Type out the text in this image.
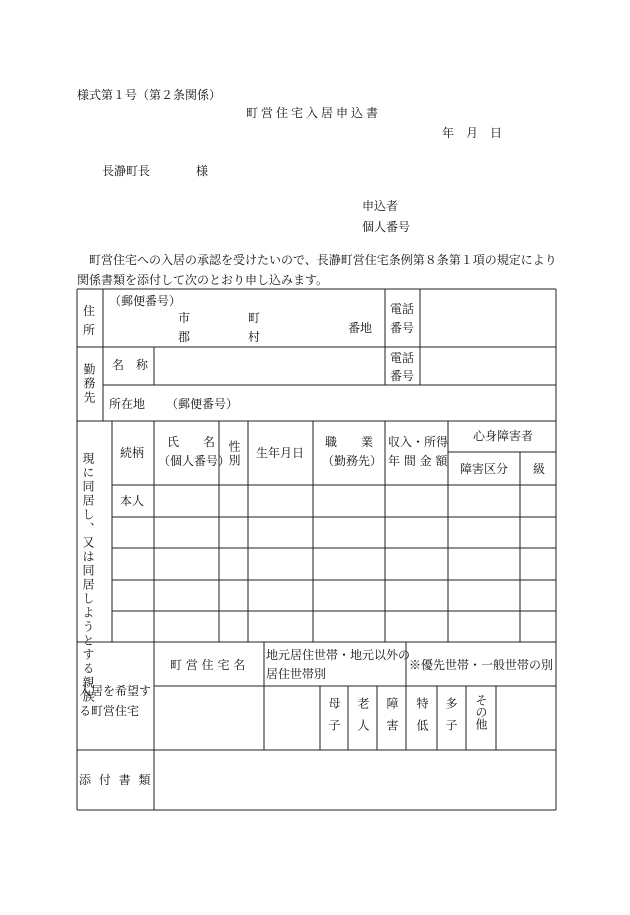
様式第１号（第２条関係）
町営住宅入居申込書
年　月　日
長瀞町長	様
申込者
個人番号
町営住宅への入居の承認を受けたいので、長瀞町営住宅条例第８条第１項の規定により関係書類を添付して次のとおり申し込みます。
住
所
（郵便番号）
市
郡
町
村
番地
電話
番号
勤務先 名　称	電話
番号
所在地 （郵便番号）
現に同居し、又は同居しようとする親族 続柄
氏　　名
（個人番号）
性別 生年月日
職　　業
（勤務先）
収入・所得
年 間 金 額
心身障害者
障害区分 級
本人
入居を希望する町営住宅
町 営 住 宅 名
地元居住世帯・地元以外の
居住世帯別
※優先世帯・一般世帯の別
母子 老人 障害 特低 多子 その他
添 付 書 類
